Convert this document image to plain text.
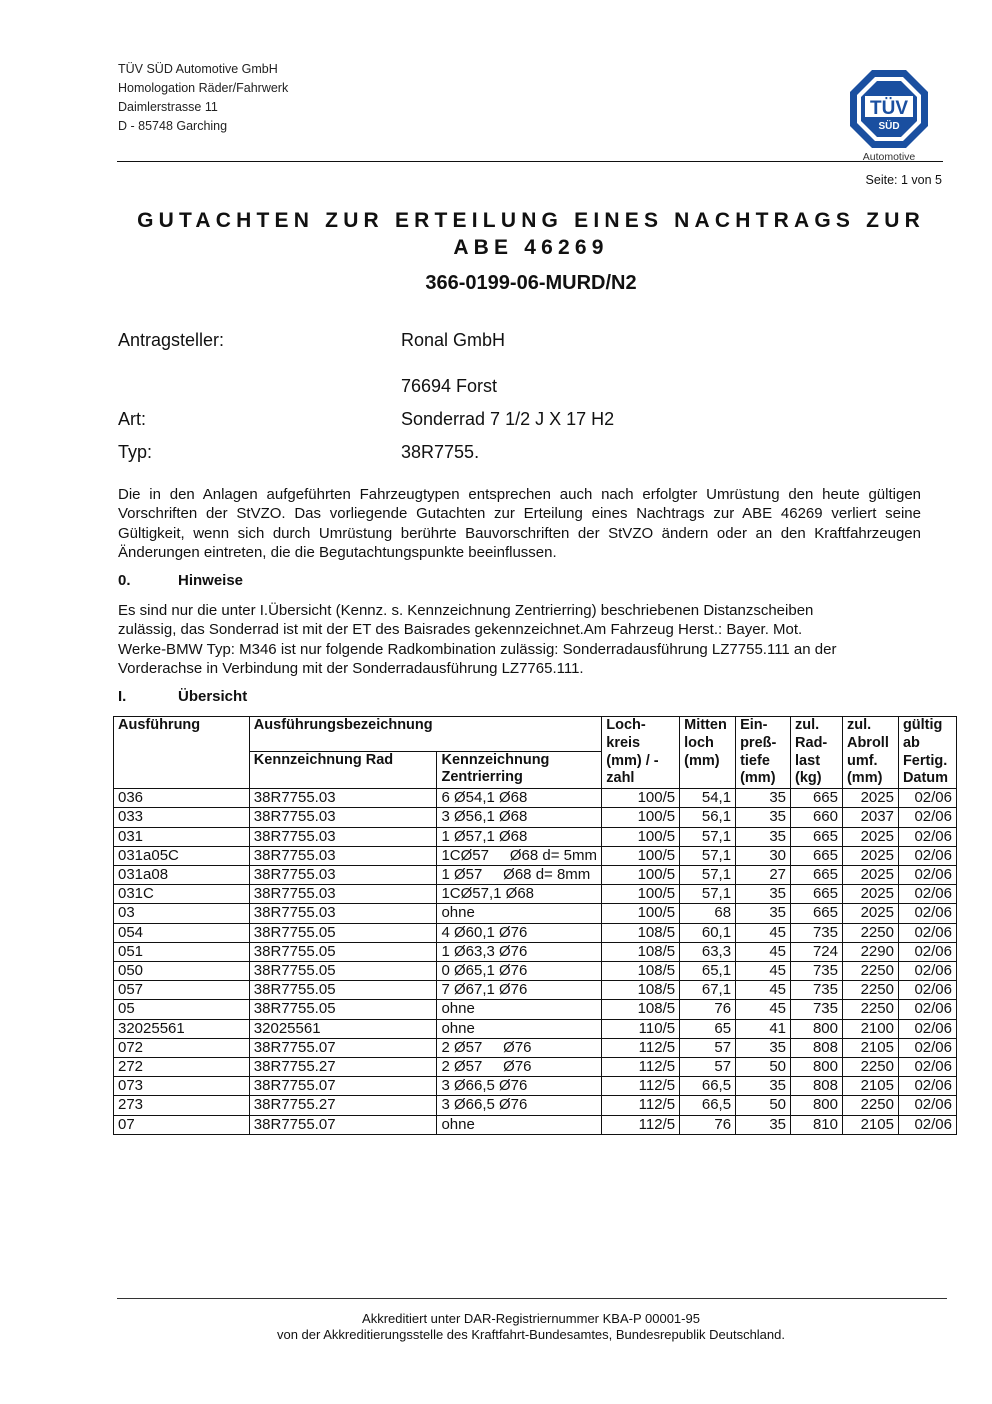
TÜV SÜD Automotive GmbH
Homologation Räder/Fahrwerk
Daimlerstrasse 11
D - 85748 Garching
TÜV
SÜD
Automotive
Seite: 1 von 5
GUTACHTEN ZUR ERTEILUNG EINES NACHTRAGS ZUR
ABE 46269
366-0199-06-MURD/N2
Antragsteller:	Ronal GmbH
76694 Forst
Art:	Sonderrad 7 1/2 J X 17 H2
Typ:	38R7755.
Die in den Anlagen aufgeführten Fahrzeugtypen entsprechen auch nach erfolgter Umrüstung den heute gültigen Vorschriften der StVZO. Das vorliegende Gutachten zur Erteilung eines Nachtrags zur ABE 46269 verliert seine Gültigkeit, wenn sich durch Umrüstung berührte Bauvorschriften der StVZO ändern oder an den Kraftfahrzeugen Änderungen eintreten, die die Begutachtungspunkte beeinflussen.
0.	Hinweise
Es sind nur die unter I.Übersicht (Kennz. s. Kennzeichnung Zentrierring) beschriebenen Distanzscheiben
zulässig, das Sonderrad ist mit der ET des Baisrades gekennzeichnet.Am Fahrzeug Herst.: Bayer. Mot.
Werke-BMW Typ: M346 ist nur folgende Radkombination zulässig: Sonderradausführung LZ7755.111 an der
Vorderachse in Verbindung mit der Sonderradausführung LZ7765.111.
I.	Übersicht
Ausführung	Ausführungsbezeichnung		Loch- kreis (mm) / -zahl	Mitten loch (mm)	Ein- preß- tiefe (mm)	zul. Rad- last (kg)	zul. Abroll umf. (mm)	gültig ab Fertig. Datum
	Kennzeichnung Rad	Kennzeichnung Zentrierring						
036	38R7755.03	6 Ø54,1 Ø68	100/5	54,1	35	665	2025	02/06
033	38R7755.03	3 Ø56,1 Ø68	100/5	56,1	35	660	2037	02/06
031	38R7755.03	1 Ø57,1 Ø68	100/5	57,1	35	665	2025	02/06
031a05C	38R7755.03	1CØ57     Ø68 d= 5mm	100/5	57,1	30	665	2025	02/06
031a08	38R7755.03	1 Ø57     Ø68 d= 8mm	100/5	57,1	27	665	2025	02/06
031C	38R7755.03	1CØ57,1 Ø68	100/5	57,1	35	665	2025	02/06
03	38R7755.03	ohne	100/5	68	35	665	2025	02/06
054	38R7755.05	4 Ø60,1 Ø76	108/5	60,1	45	735	2250	02/06
051	38R7755.05	1 Ø63,3 Ø76	108/5	63,3	45	724	2290	02/06
050	38R7755.05	0 Ø65,1 Ø76	108/5	65,1	45	735	2250	02/06
057	38R7755.05	7 Ø67,1 Ø76	108/5	67,1	45	735	2250	02/06
05	38R7755.05	ohne	108/5	76	45	735	2250	02/06
32025561	32025561	ohne	110/5	65	41	800	2100	02/06
072	38R7755.07	2 Ø57     Ø76	112/5	57	35	808	2105	02/06
272	38R7755.27	2 Ø57     Ø76	112/5	57	50	800	2250	02/06
073	38R7755.07	3 Ø66,5 Ø76	112/5	66,5	35	808	2105	02/06
273	38R7755.27	3 Ø66,5 Ø76	112/5	66,5	50	800	2250	02/06
07	38R7755.07	ohne	112/5	76	35	810	2105	02/06
Akkreditiert unter DAR-Registriernummer KBA-P 00001-95
von der Akkreditierungsstelle des Kraftfahrt-Bundesamtes, Bundesrepublik Deutschland.
